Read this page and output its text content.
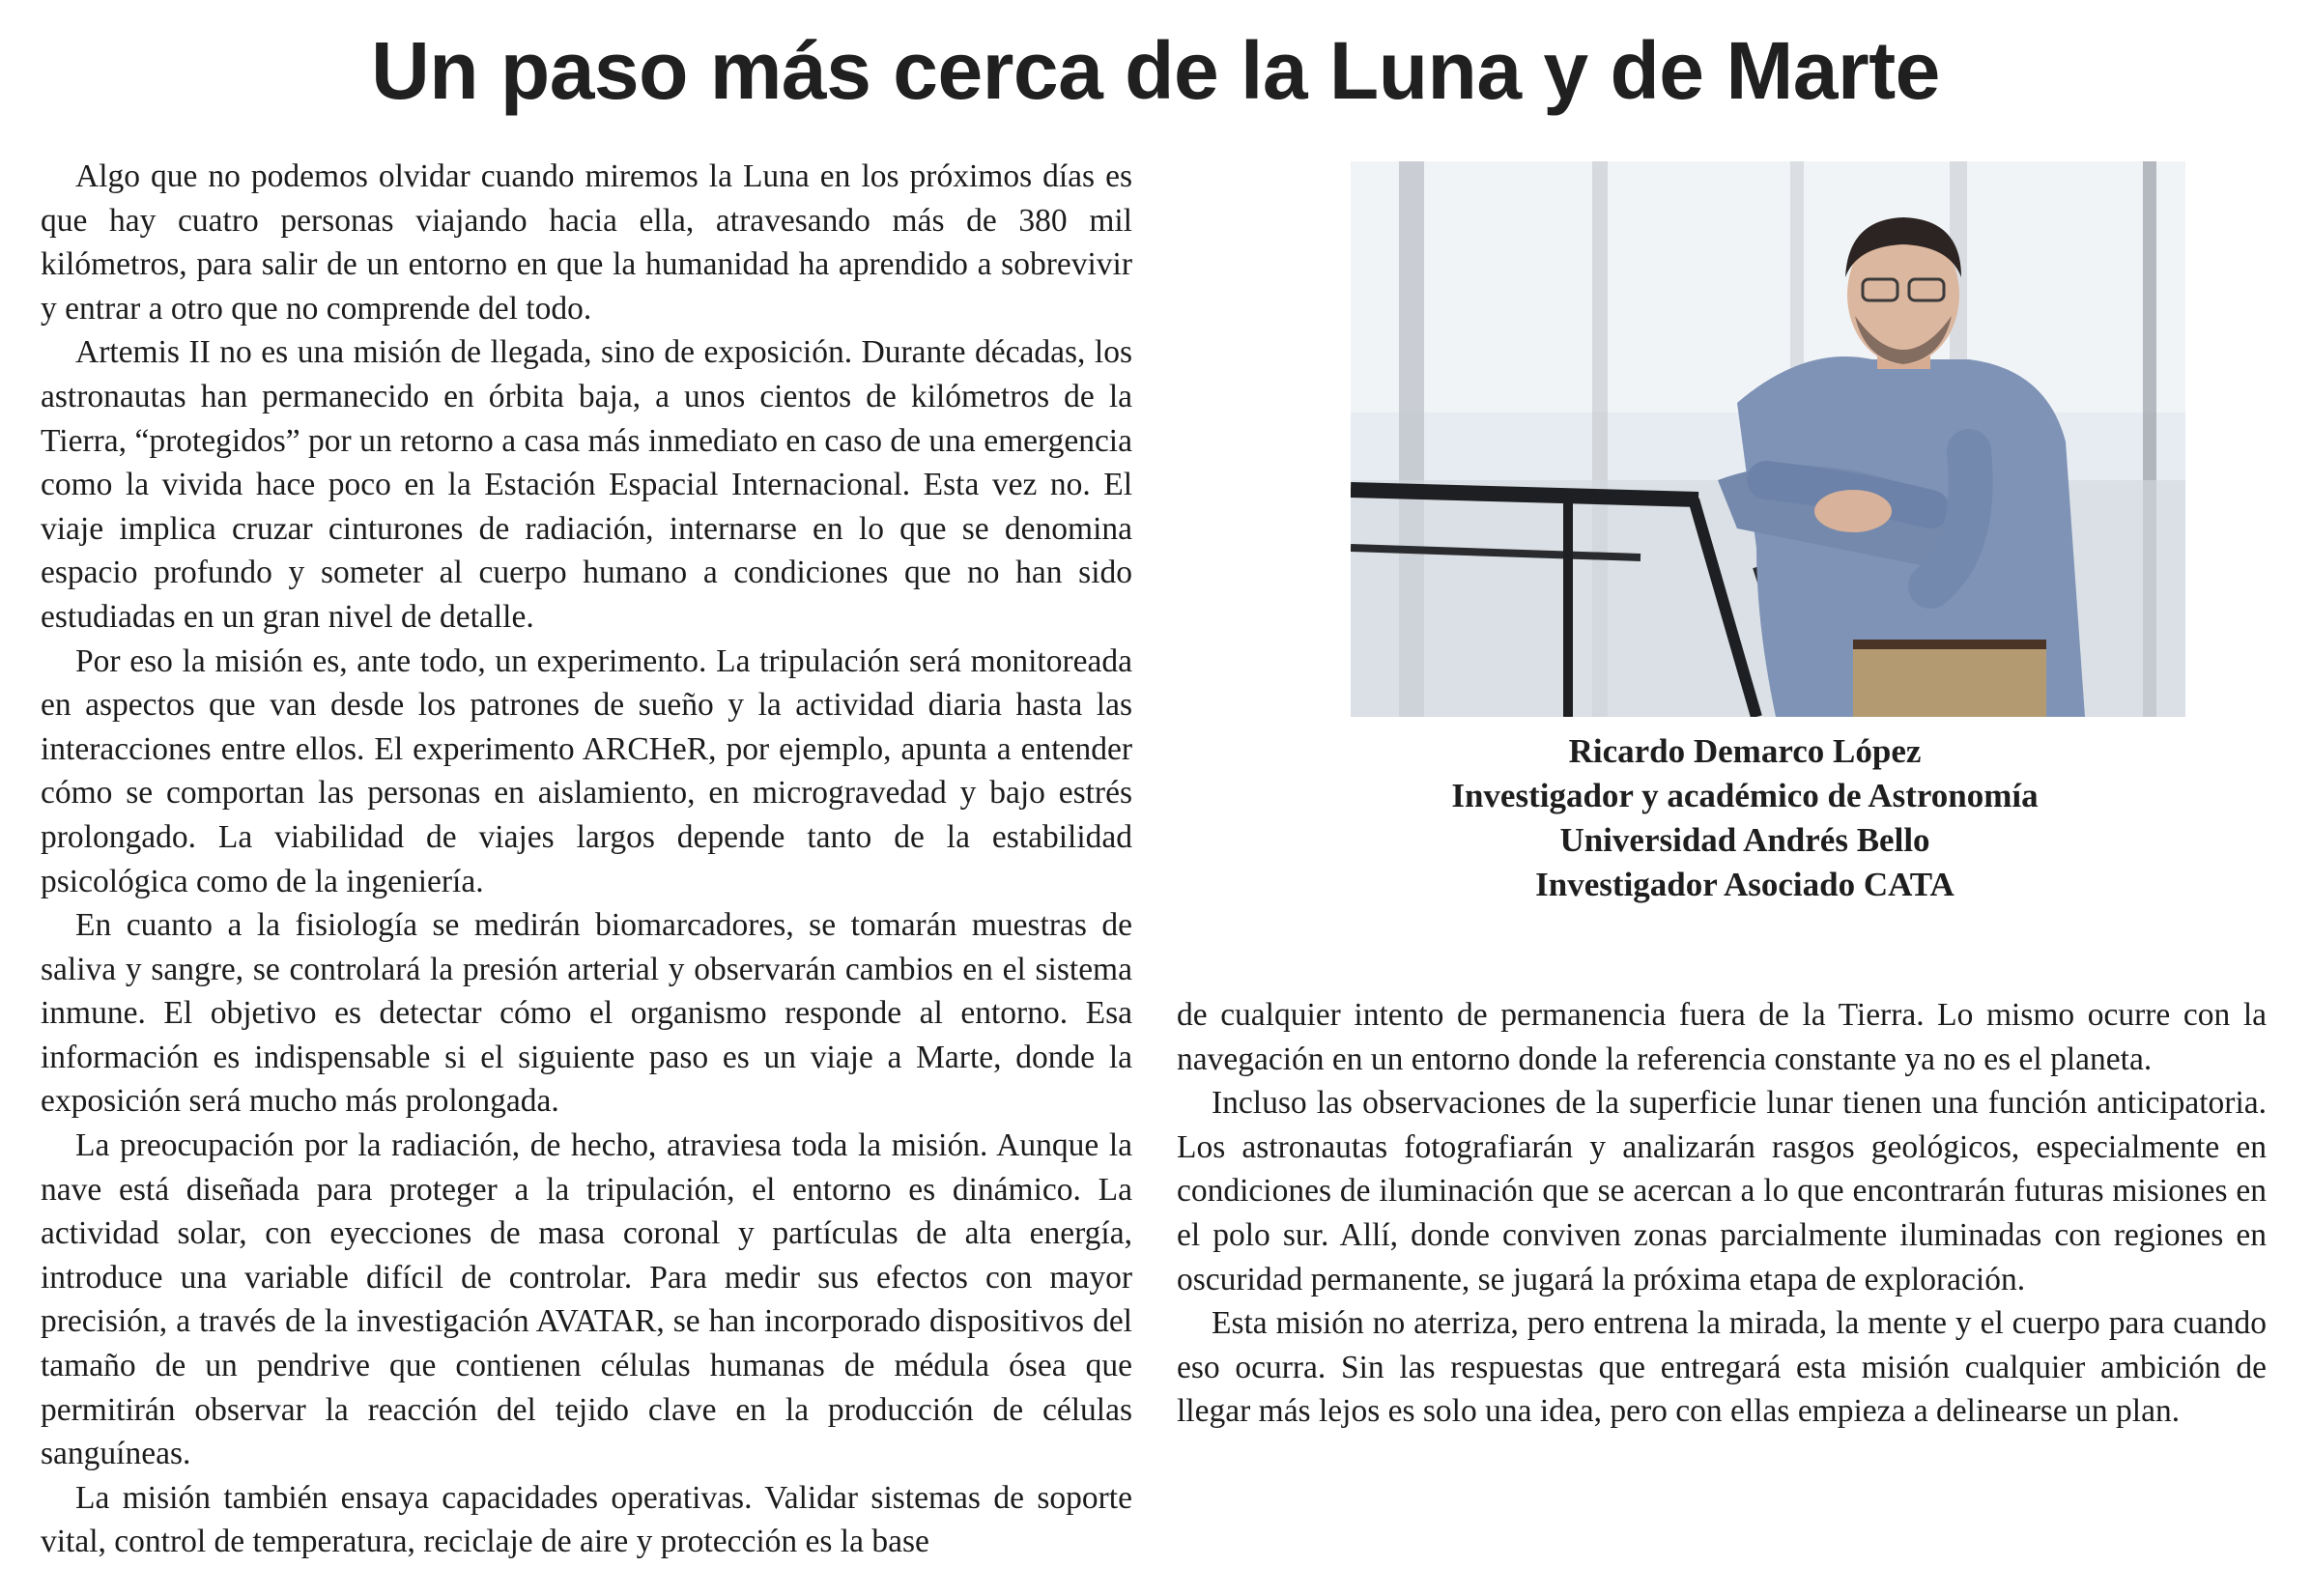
Un paso más cerca de la Luna y de Marte

Algo que no podemos olvidar cuando miremos la Luna en los próximos días es que hay cuatro personas viajando hacia ella, atravesando más de 380 mil kilómetros, para salir de un entorno en que la humanidad ha aprendido a sobrevivir y entrar a otro que no comprende del todo.

Artemis II no es una misión de llegada, sino de exposición. Durante décadas, los astronautas han permanecido en órbita baja, a unos cientos de kilómetros de la Tierra, “protegidos” por un retorno a casa más inmediato en caso de una emergencia como la vivida hace poco en la Estación Espacial Internacional. Esta vez no. El viaje implica cruzar cinturones de radiación, internarse en lo que se denomina espacio profundo y someter al cuerpo humano a condiciones que no han sido estudiadas en un gran nivel de detalle.

Por eso la misión es, ante todo, un experimento. La tripulación será monitoreada en aspectos que van desde los patrones de sueño y la actividad diaria hasta las interacciones entre ellos. El experimento ARCHeR, por ejemplo, apunta a entender cómo se comportan las personas en aislamiento, en microgravedad y bajo estrés prolongado. La viabilidad de viajes largos depende tanto de la estabilidad psicológica como de la ingeniería.

En cuanto a la fisiología se medirán biomarcadores, se tomarán muestras de saliva y sangre, se controlará la presión arterial y observarán cambios en el sistema inmune. El objetivo es detectar cómo el organismo responde al entorno. Esa información es indispensable si el siguiente paso es un viaje a Marte, donde la exposición será mucho más prolongada.

La preocupación por la radiación, de hecho, atraviesa toda la misión. Aunque la nave está diseñada para proteger a la tripulación, el entorno es dinámico. La actividad solar, con eyecciones de masa coronal y partículas de alta energía, introduce una variable difícil de controlar. Para medir sus efectos con mayor precisión, a través de la investigación AVATAR, se han incorporado dispositivos del tamaño de un pendrive que contienen células humanas de médula ósea que permitirán observar la reacción del tejido clave en la producción de células sanguíneas.

La misión también ensaya capacidades operativas. Validar sistemas de soporte vital, control de temperatura, reciclaje de aire y protección es la base

Ricardo Demarco López
Investigador y académico de Astronomía
Universidad Andrés Bello
Investigador Asociado CATA

de cualquier intento de permanencia fuera de la Tierra. Lo mismo ocurre con la navegación en un entorno donde la referencia constante ya no es el planeta.

Incluso las observaciones de la superficie lunar tienen una función anticipatoria. Los astronautas fotografiarán y analizarán rasgos geológicos, especialmente en condiciones de iluminación que se acercan a lo que encontrarán futuras misiones en el polo sur. Allí, donde conviven zonas parcialmente iluminadas con regiones en oscuridad permanente, se jugará la próxima etapa de exploración.

Esta misión no aterriza, pero entrena la mirada, la mente y el cuerpo para cuando eso ocurra. Sin las respuestas que entregará esta misión cualquier ambición de llegar más lejos es solo una idea, pero con ellas empieza a delinearse un plan.
